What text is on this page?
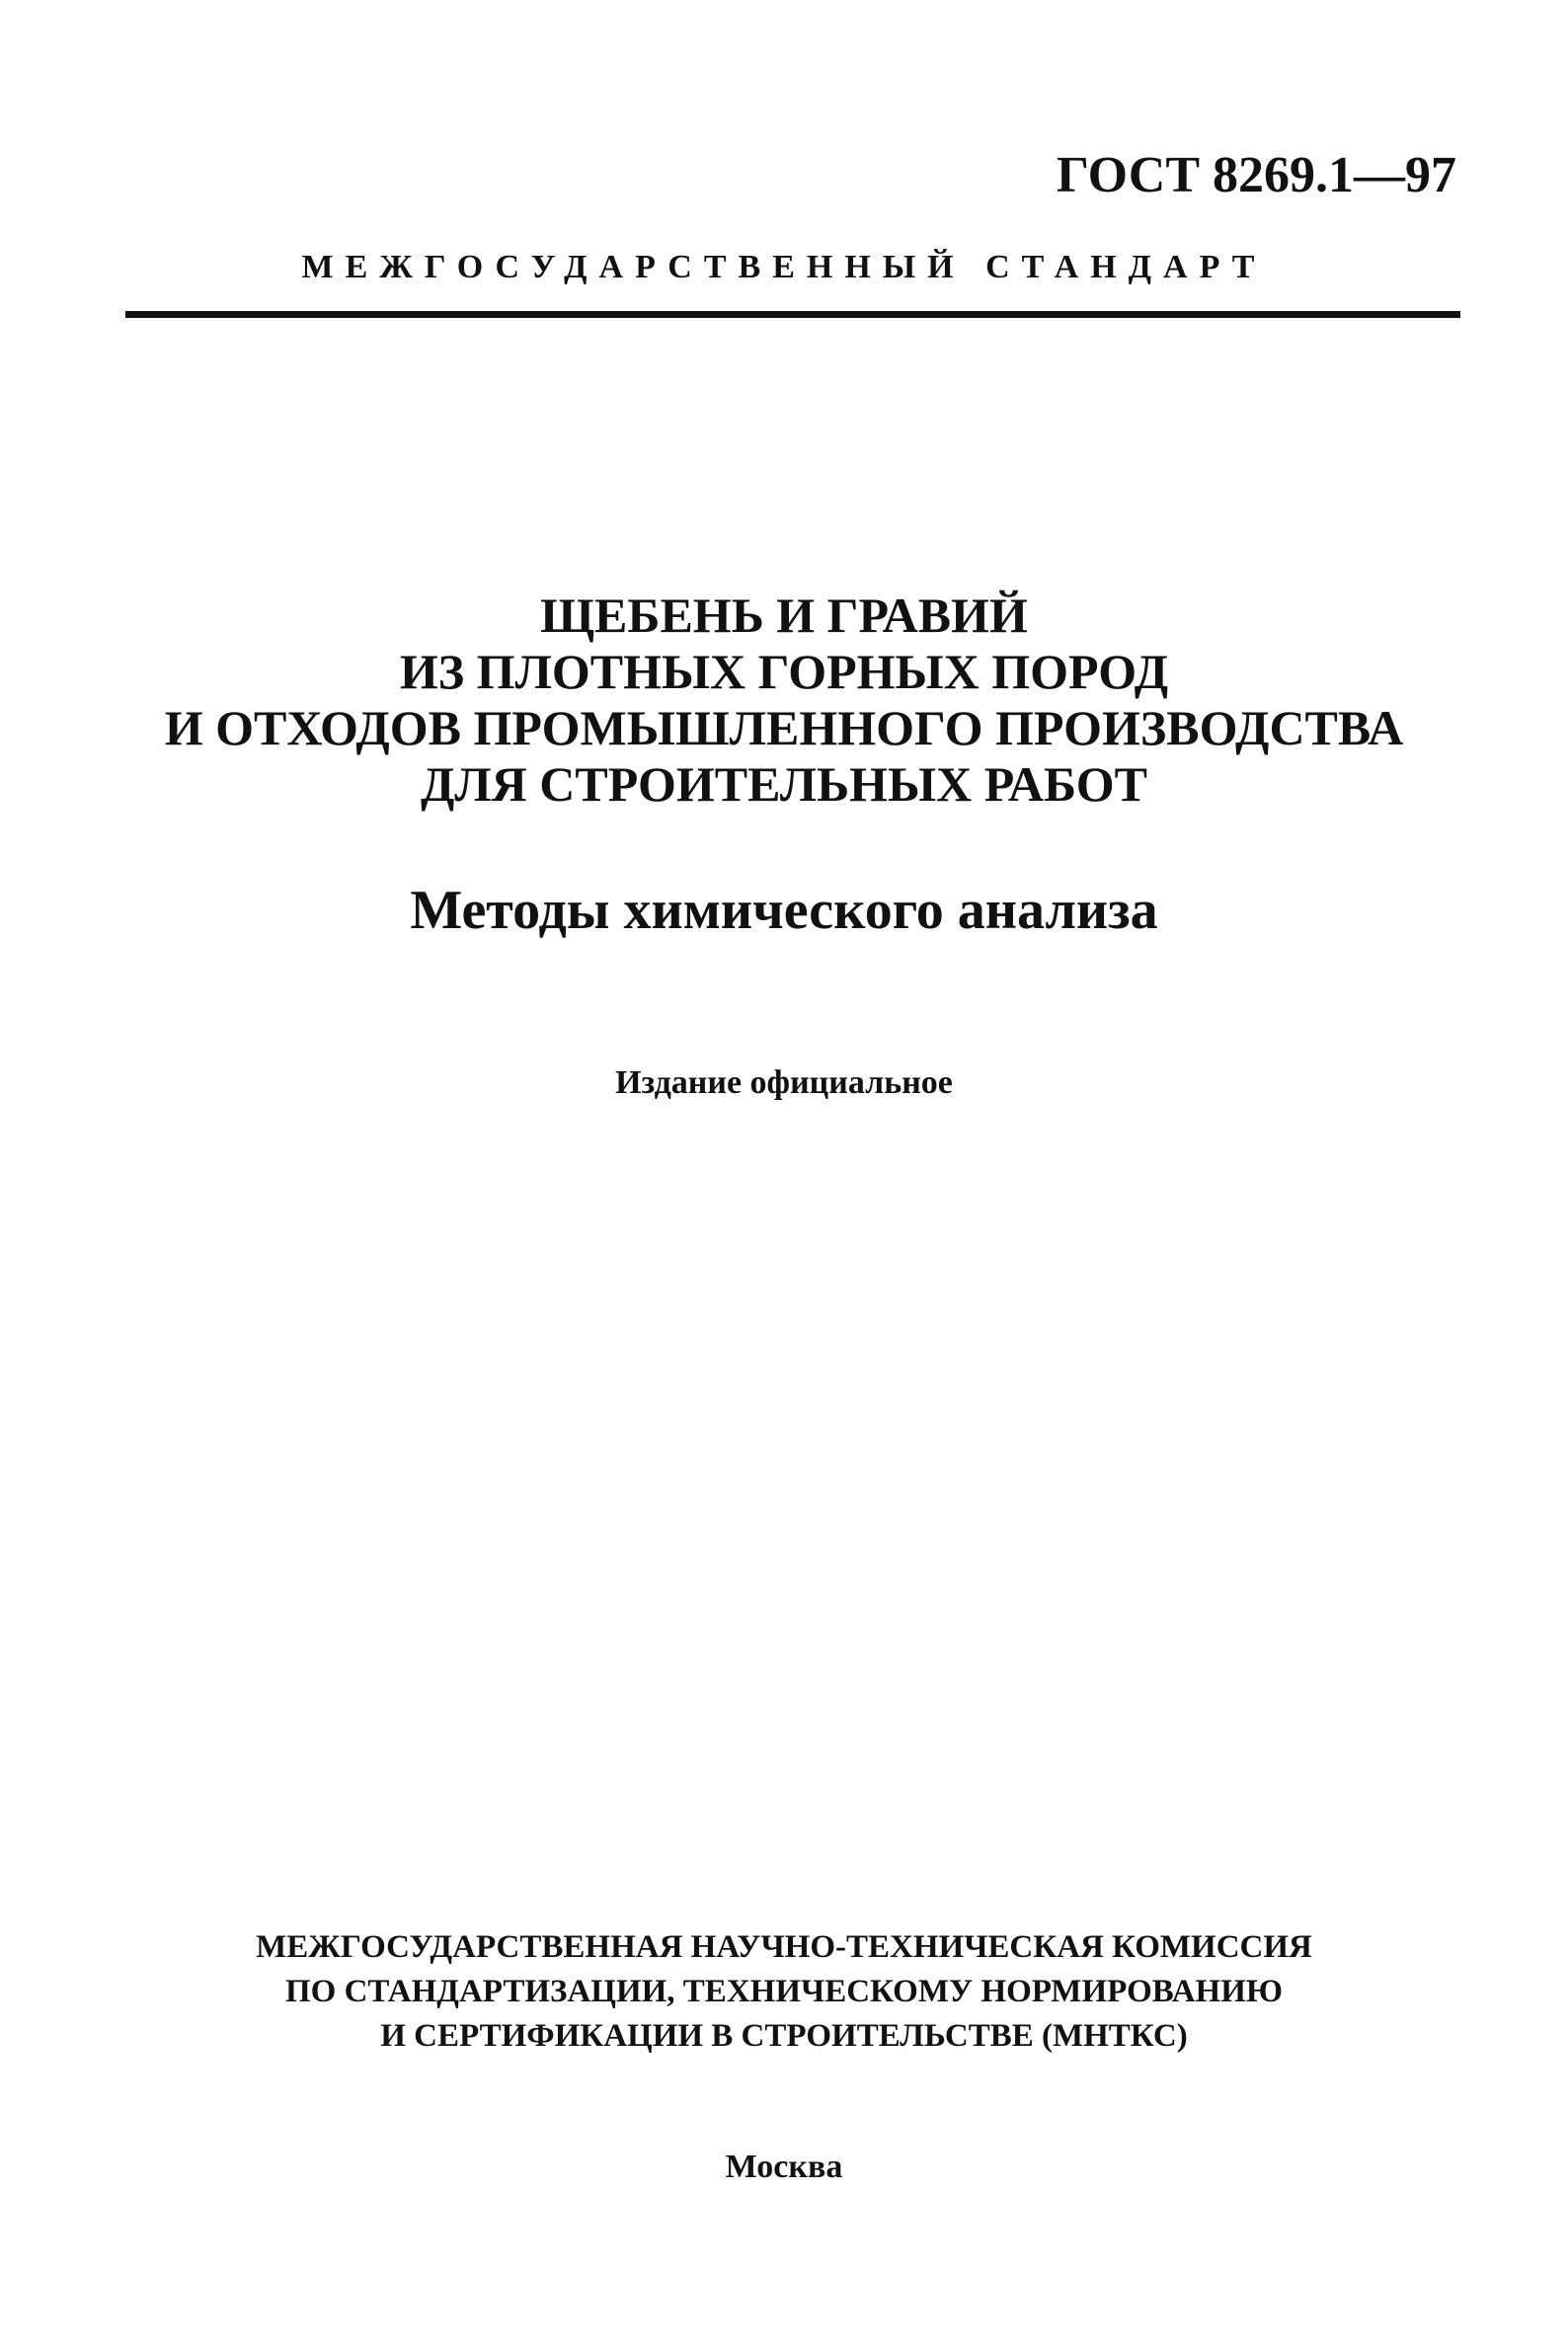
ГОСТ 8269.1—97
МЕЖГОСУДАРСТВЕННЫЙ СТАНДАРТ
ЩЕБЕНЬ И ГРАВИЙ
ИЗ ПЛОТНЫХ ГОРНЫХ ПОРОД
И ОТХОДОВ ПРОМЫШЛЕННОГО ПРОИЗВОДСТВА
ДЛЯ СТРОИТЕЛЬНЫХ РАБОТ
Методы химического анализа
Издание официальное
МЕЖГОСУДАРСТВЕННАЯ НАУЧНО-ТЕХНИЧЕСКАЯ КОМИССИЯ
ПО СТАНДАРТИЗАЦИИ, ТЕХНИЧЕСКОМУ НОРМИРОВАНИЮ
И СЕРТИФИКАЦИИ В СТРОИТЕЛЬСТВЕ (МНТКС)
Москва
